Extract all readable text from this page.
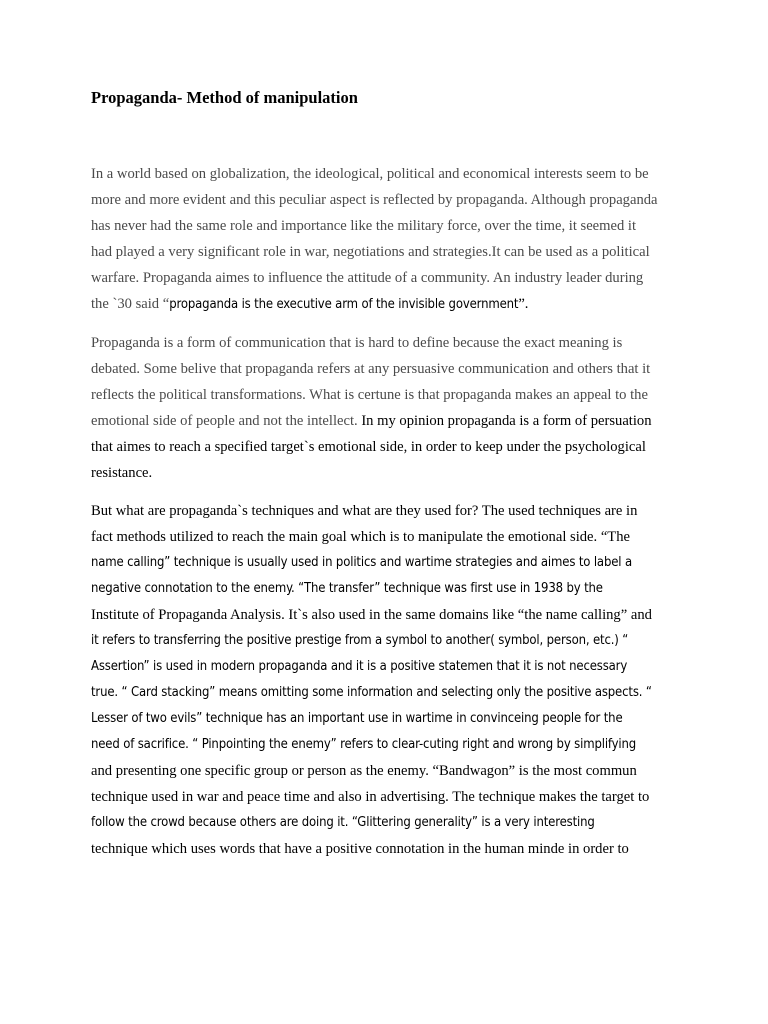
Propaganda- Method of manipulation

In a world based on globalization, the ideological, political and economical interests seem to be
more and more evident and this peculiar aspect is reflected by propaganda. Although propaganda
has never had the same role and importance like the military force, over the time, it seemed it
had played a very significant role in war, negotiations and strategies.It can be used as a political
warfare. Propaganda aimes to influence the attitude of a community. An industry leader during
the `30 said “propaganda is the executive arm of the invisible government”.

Propaganda is a form of communication that is hard to define because the exact meaning is
debated. Some belive that propaganda refers at any persuasive communication and others that it
reflects the political transformations. What is certune is that propaganda makes an appeal to the
emotional side of people and not the intellect. In my opinion propaganda is a form of persuation
that aimes to reach a specified target`s emotional side, in order to keep under the psychological
resistance.

But what are propaganda`s techniques and what are they used for? The used techniques are in
fact methods utilized to reach the main goal which is to manipulate the emotional side. “The
name calling” technique is usually used in politics and wartime strategies and aimes to label a
negative connotation to the enemy. “The transfer” technique was first use in 1938 by the
Institute of Propaganda Analysis. It`s also used in the same domains like “the name calling” and
it refers to transferring the positive prestige from a symbol to another( symbol, person, etc.) “
Assertion” is used in modern propaganda and it is a positive statemen that it is not necessary
true. “ Card stacking” means omitting some information and selecting only the positive aspects. “
Lesser of two evils” technique has an important use in wartime in convinceing people for the
need of sacrifice. “ Pinpointing the enemy” refers to clear-cuting right and wrong by simplifying
and presenting one specific group or person as the enemy. “Bandwagon” is the most commun
technique used in war and peace time and also in advertising. The technique makes the target to
follow the crowd because others are doing it. “Glittering generality” is a very interesting
technique which uses words that have a positive connotation in the human minde in order to
